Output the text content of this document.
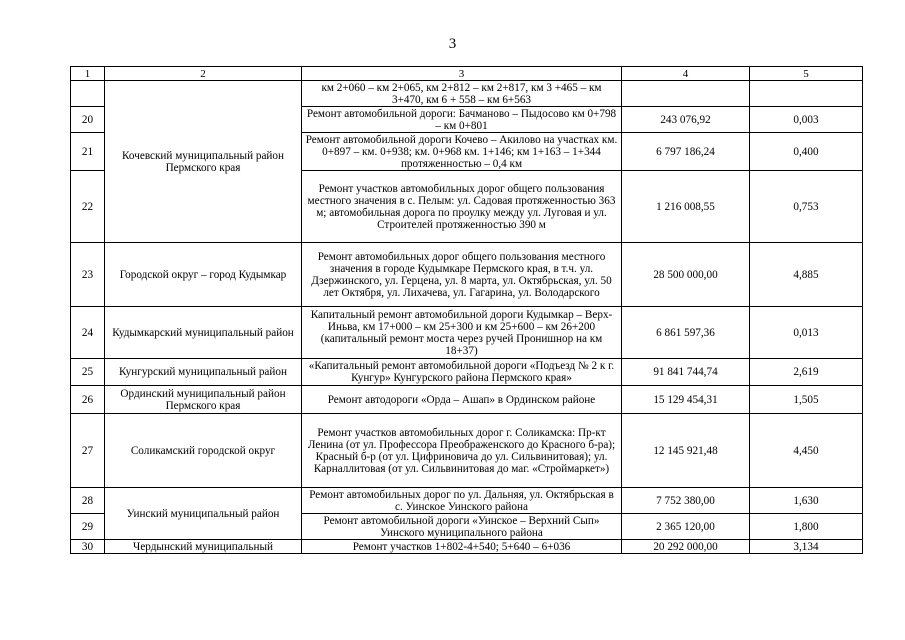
3
1	2	3	4	5
	Кочевский муниципальный район Пермского края	км 2+060 – км 2+065, км 2+812 – км 2+817, км 3 +465 – км 3+470, км 6 + 558 – км 6+563		
20		Ремонт автомобильной дороги: Бачманово – Пыдосово км 0+798 – км 0+801	243 076,92	0,003
21		Ремонт автомобильной дороги Кочево – Акилово на участках км. 0+897 – км. 0+938; км. 0+968 км. 1+146; км 1+163 – 1+344 протяженностью – 0,4 км	6 797 186,24	0,400
22		Ремонт участков автомобильных дорог общего пользования местного значения в с. Пелым: ул. Садовая протяженностью 363 м; автомобильная дорога по проулку между ул. Луговая и ул. Строителей протяженностью 390 м	1 216 008,55	0,753
23	Городской округ – город Кудымкар	Ремонт автомобильных дорог общего пользования местного значения в городе Кудымкаре Пермского края, в т.ч. ул. Дзержинского, ул. Герцена, ул. 8 марта, ул. Октябрьская, ул. 50 лет Октября, ул. Лихачева, ул. Гагарина, ул. Володарского	28 500 000,00	4,885
24	Кудымкарский муниципальный район	Капитальный ремонт автомобильной дороги Кудымкар – Верх-Иньва, км 17+000 – км 25+300 и км 25+600 – км 26+200 (капитальный ремонт моста через ручей Пронишнор на км 18+37)	6 861 597,36	0,013
25	Кунгурский муниципальный район	«Капитальный ремонт автомобильной дороги «Подъезд № 2 к г. Кунгур» Кунгурского района Пермского края»	91 841 744,74	2,619
26	Ординский муниципальный район Пермского края	Ремонт автодороги «Орда – Ашап» в Ординском районе	15 129 454,31	1,505
27	Соликамский городской округ	Ремонт участков автомобильных дорог г. Соликамска: Пр-кт Ленина (от ул. Профессора Преображенского до Красного б-ра); Красный б-р (от ул. Цифриновича до ул. Сильвинитовая); ул. Карналлитовая (от ул. Сильвинитовая до маг. «Строймаркет»)	12 145 921,48	4,450
28	Уинский муниципальный район	Ремонт автомобильных дорог по ул. Дальняя, ул. Октябрьская в с. Уинское Уинского района	7 752 380,00	1,630
29		Ремонт автомобильной дороги «Уинское – Верхний Сып» Уинского муниципального района	2 365 120,00	1,800
30	Чердынский муниципальный	Ремонт участков 1+802-4+540; 5+640 – 6+036	20 292 000,00	3,134
